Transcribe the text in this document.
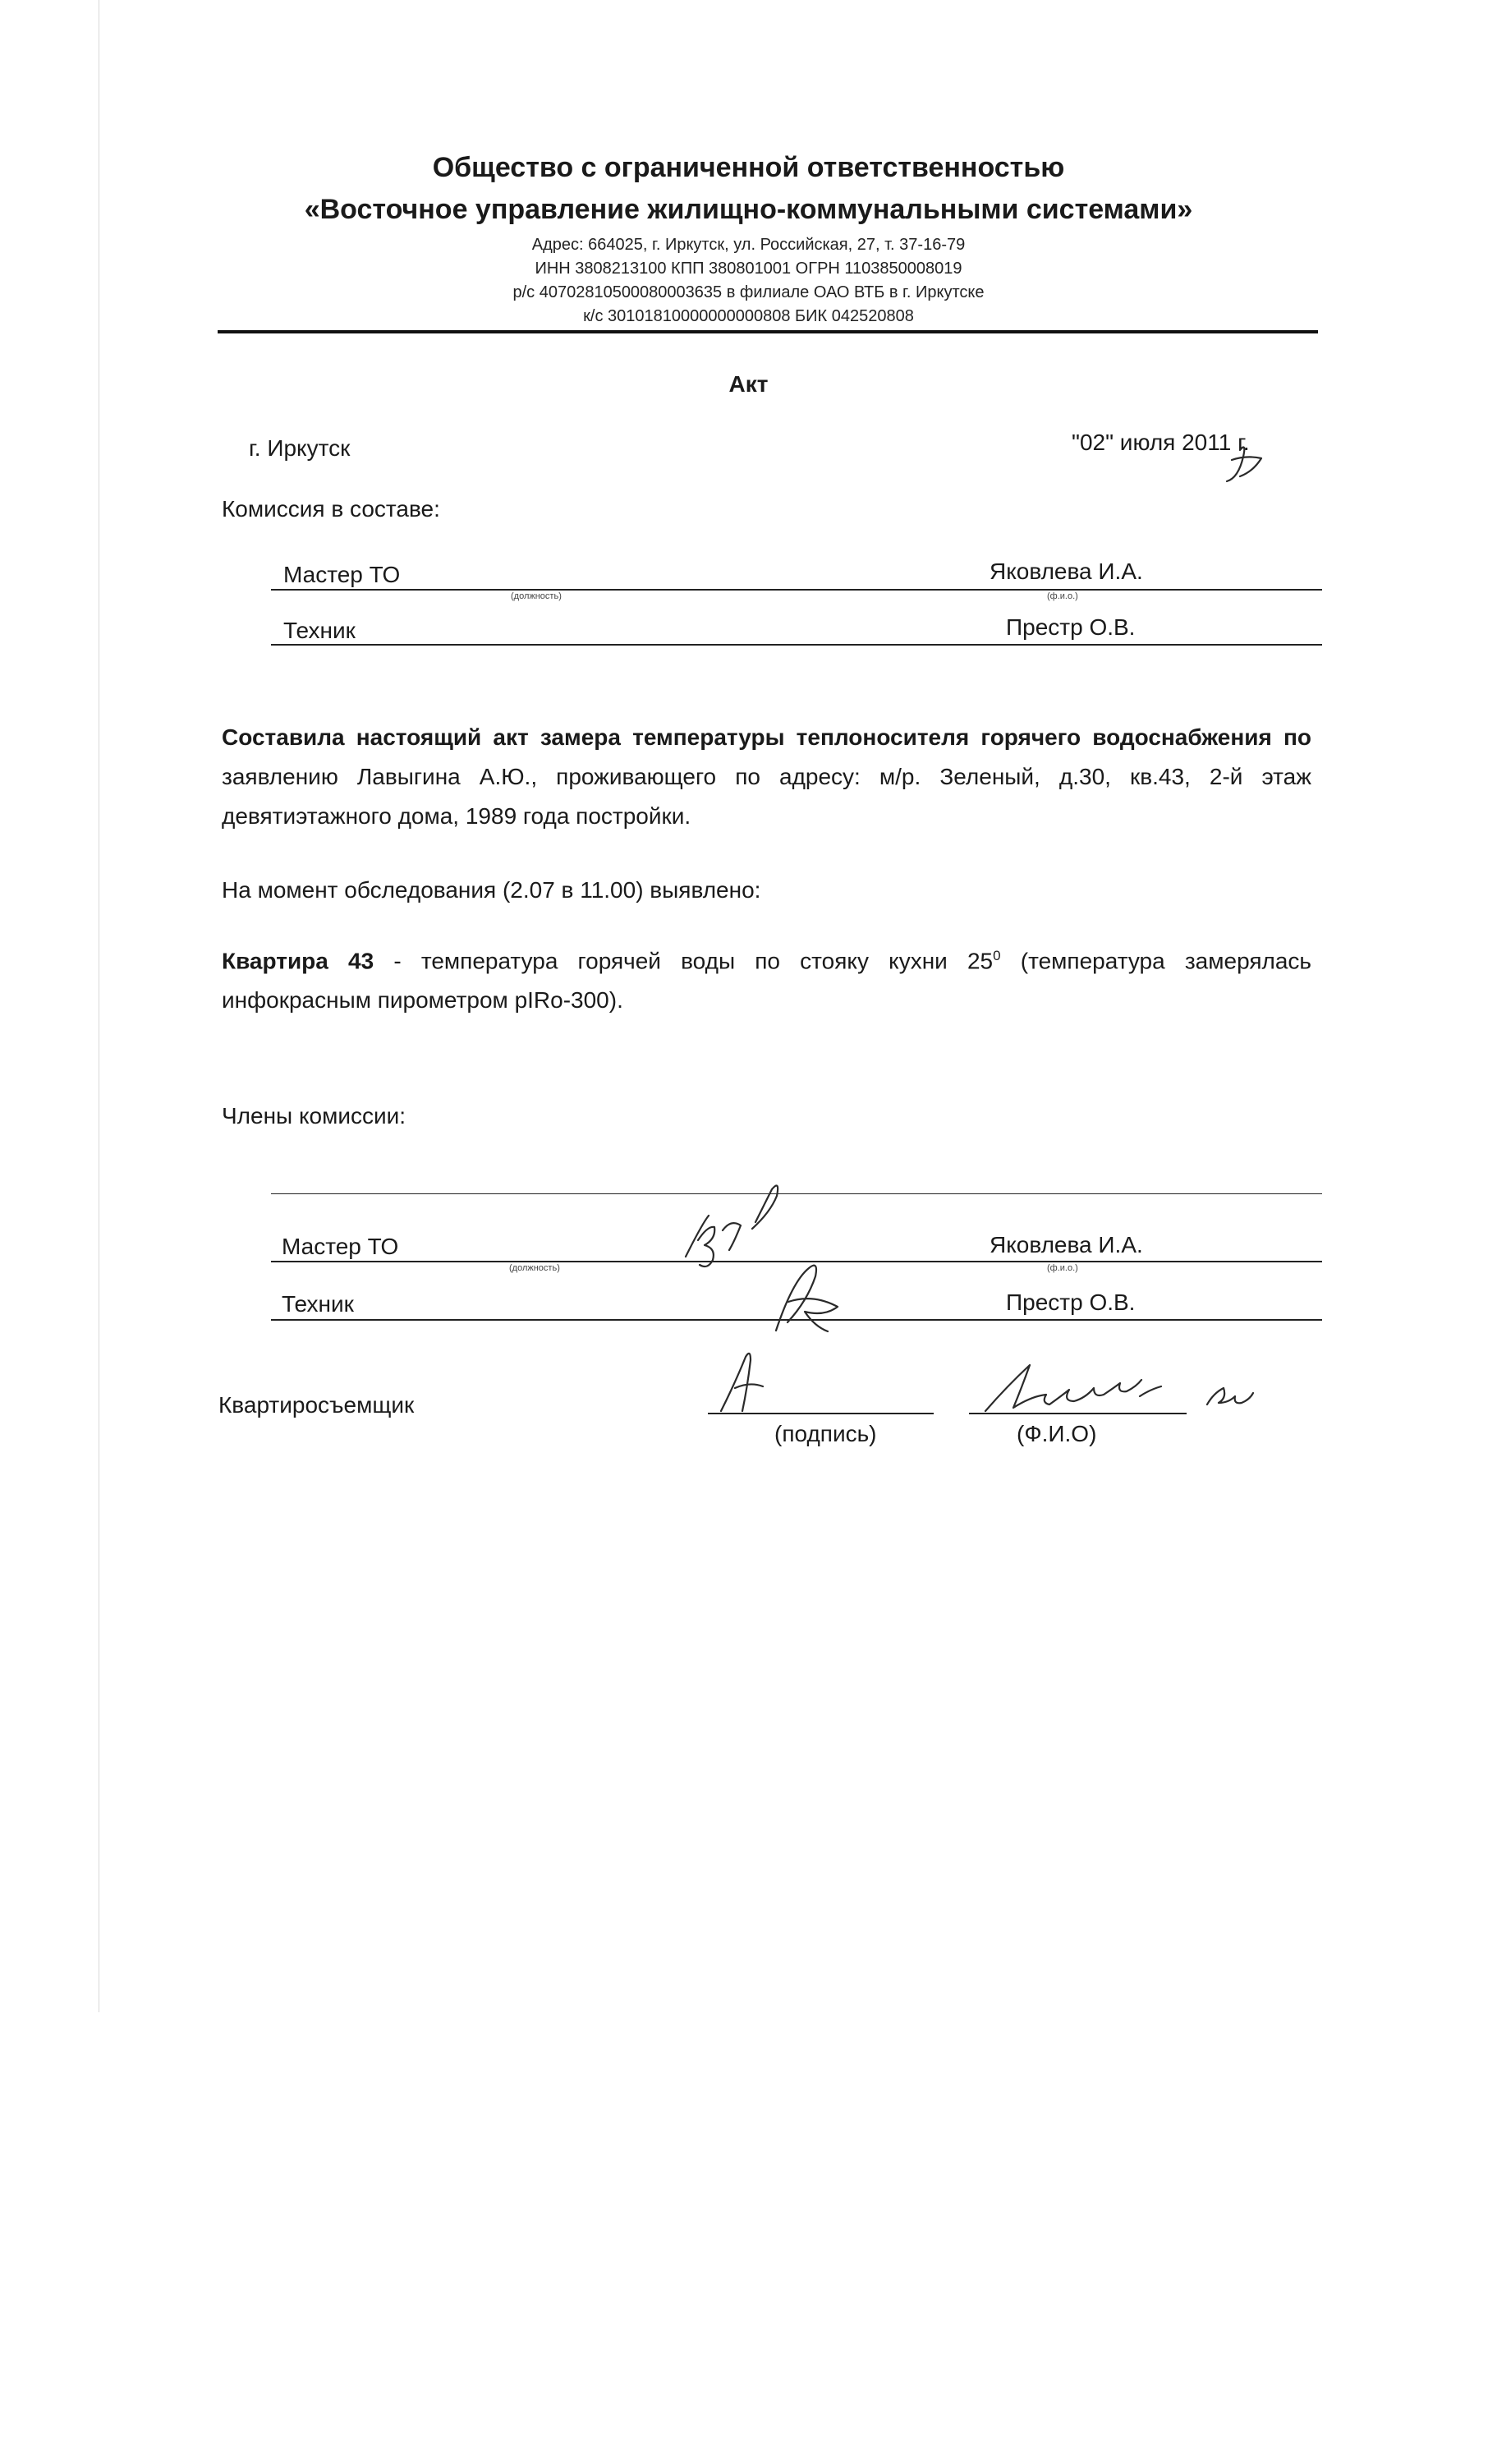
Общество с ограниченной ответственностью
«Восточное управление жилищно-коммунальными системами»
Адрес: 664025, г. Иркутск, ул. Российская, 27, т. 37-16-79
ИНН 3808213100 КПП 380801001 ОГРН 1103850008019
р/с 40702810500080003635 в филиале ОАО ВТБ в г. Иркутске
к/с 30101810000000000808 БИК 042520808
Акт
г. Иркутск	"02" июля 2011 г.
Комиссия в составе:
Мастер ТО	Яковлева И.А.
(должность)	(ф.и.о.)
Техник	Престр О.В.
Составила настоящий акт замера температуры теплоносителя горячего водоснабжения по
заявлению Лавыгина А.Ю., проживающего по адресу: м/р. Зеленый, д.30, кв.43, 2-й этаж
девятиэтажного дома, 1989 года постройки.
На момент обследования (2.07 в 11.00) выявлено:
Квартира 43 - температура горячей воды по стояку кухни $25^0$ (температура замерялась
инфокрасным пирометром pIRo-300).
Члены комиссии:
Мастер ТО	Яковлева И.А.
(должность)	(ф.и.о.)
Техник	Престр О.В.
Квартиросъемщик
(подпись)	(Ф.И.О)
